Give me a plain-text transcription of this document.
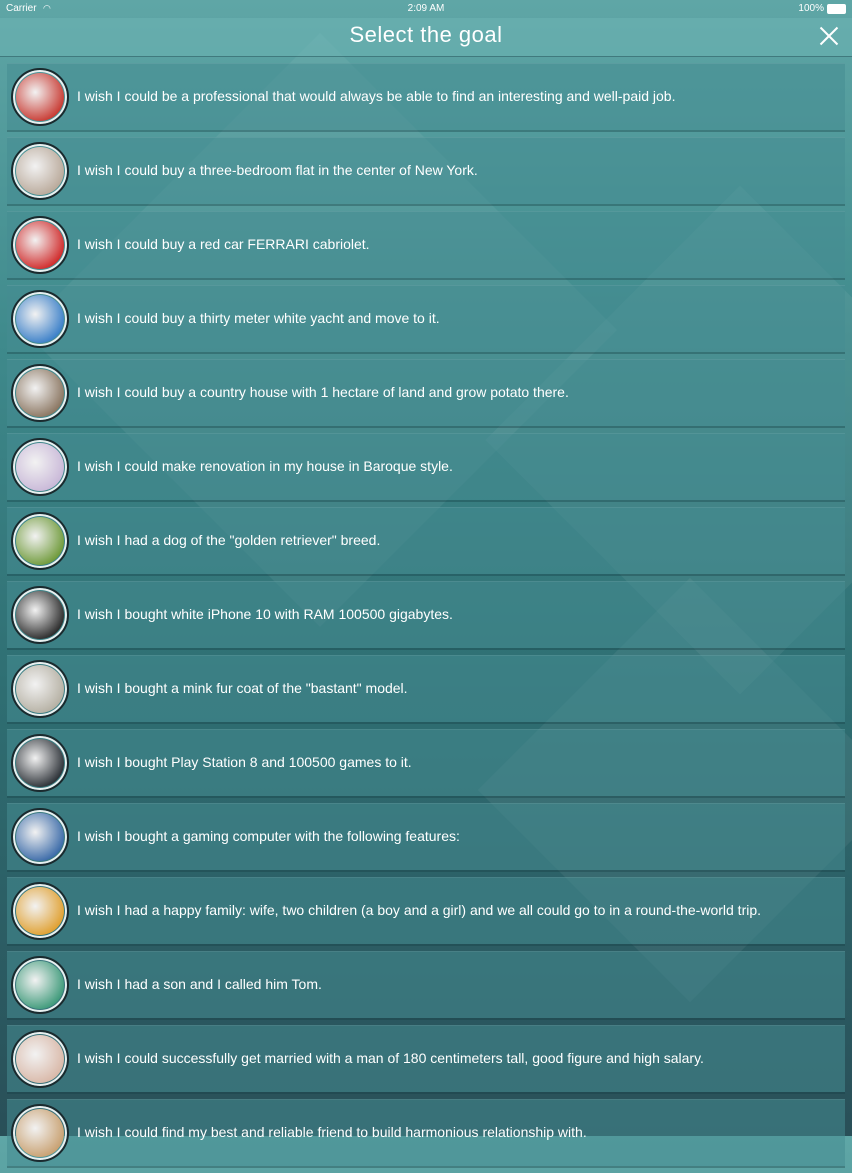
Carrier ◠	2:09 AM	100%
Select the goal
I wish I could be a professional that would always be able to find an interesting and well-paid job.
I wish I could buy a three-bedroom flat in the center of New York.
I wish I could buy a red car FERRARI cabriolet.
I wish I could buy a thirty meter white yacht and move to it.
I wish I could buy a country house with 1 hectare of land and grow potato there.
I wish I could make renovation in my house in Baroque style.
I wish I had a dog of the "golden retriever" breed.
I wish I bought white iPhone 10 with RAM 100500 gigabytes.
I wish I bought a mink fur coat of the "bastant" model.
I wish I bought Play Station 8 and 100500 games to it.
I wish I bought a gaming computer with the following features:
I wish I had a happy family: wife, two children (a boy and a girl) and we all could go to in a round-the-world trip.
I wish I had a son and I called him Tom.
I wish I could successfully get married with a man of 180 centimeters tall, good figure and high salary.
I wish I could find my best and reliable friend to build harmonious relationship with.
